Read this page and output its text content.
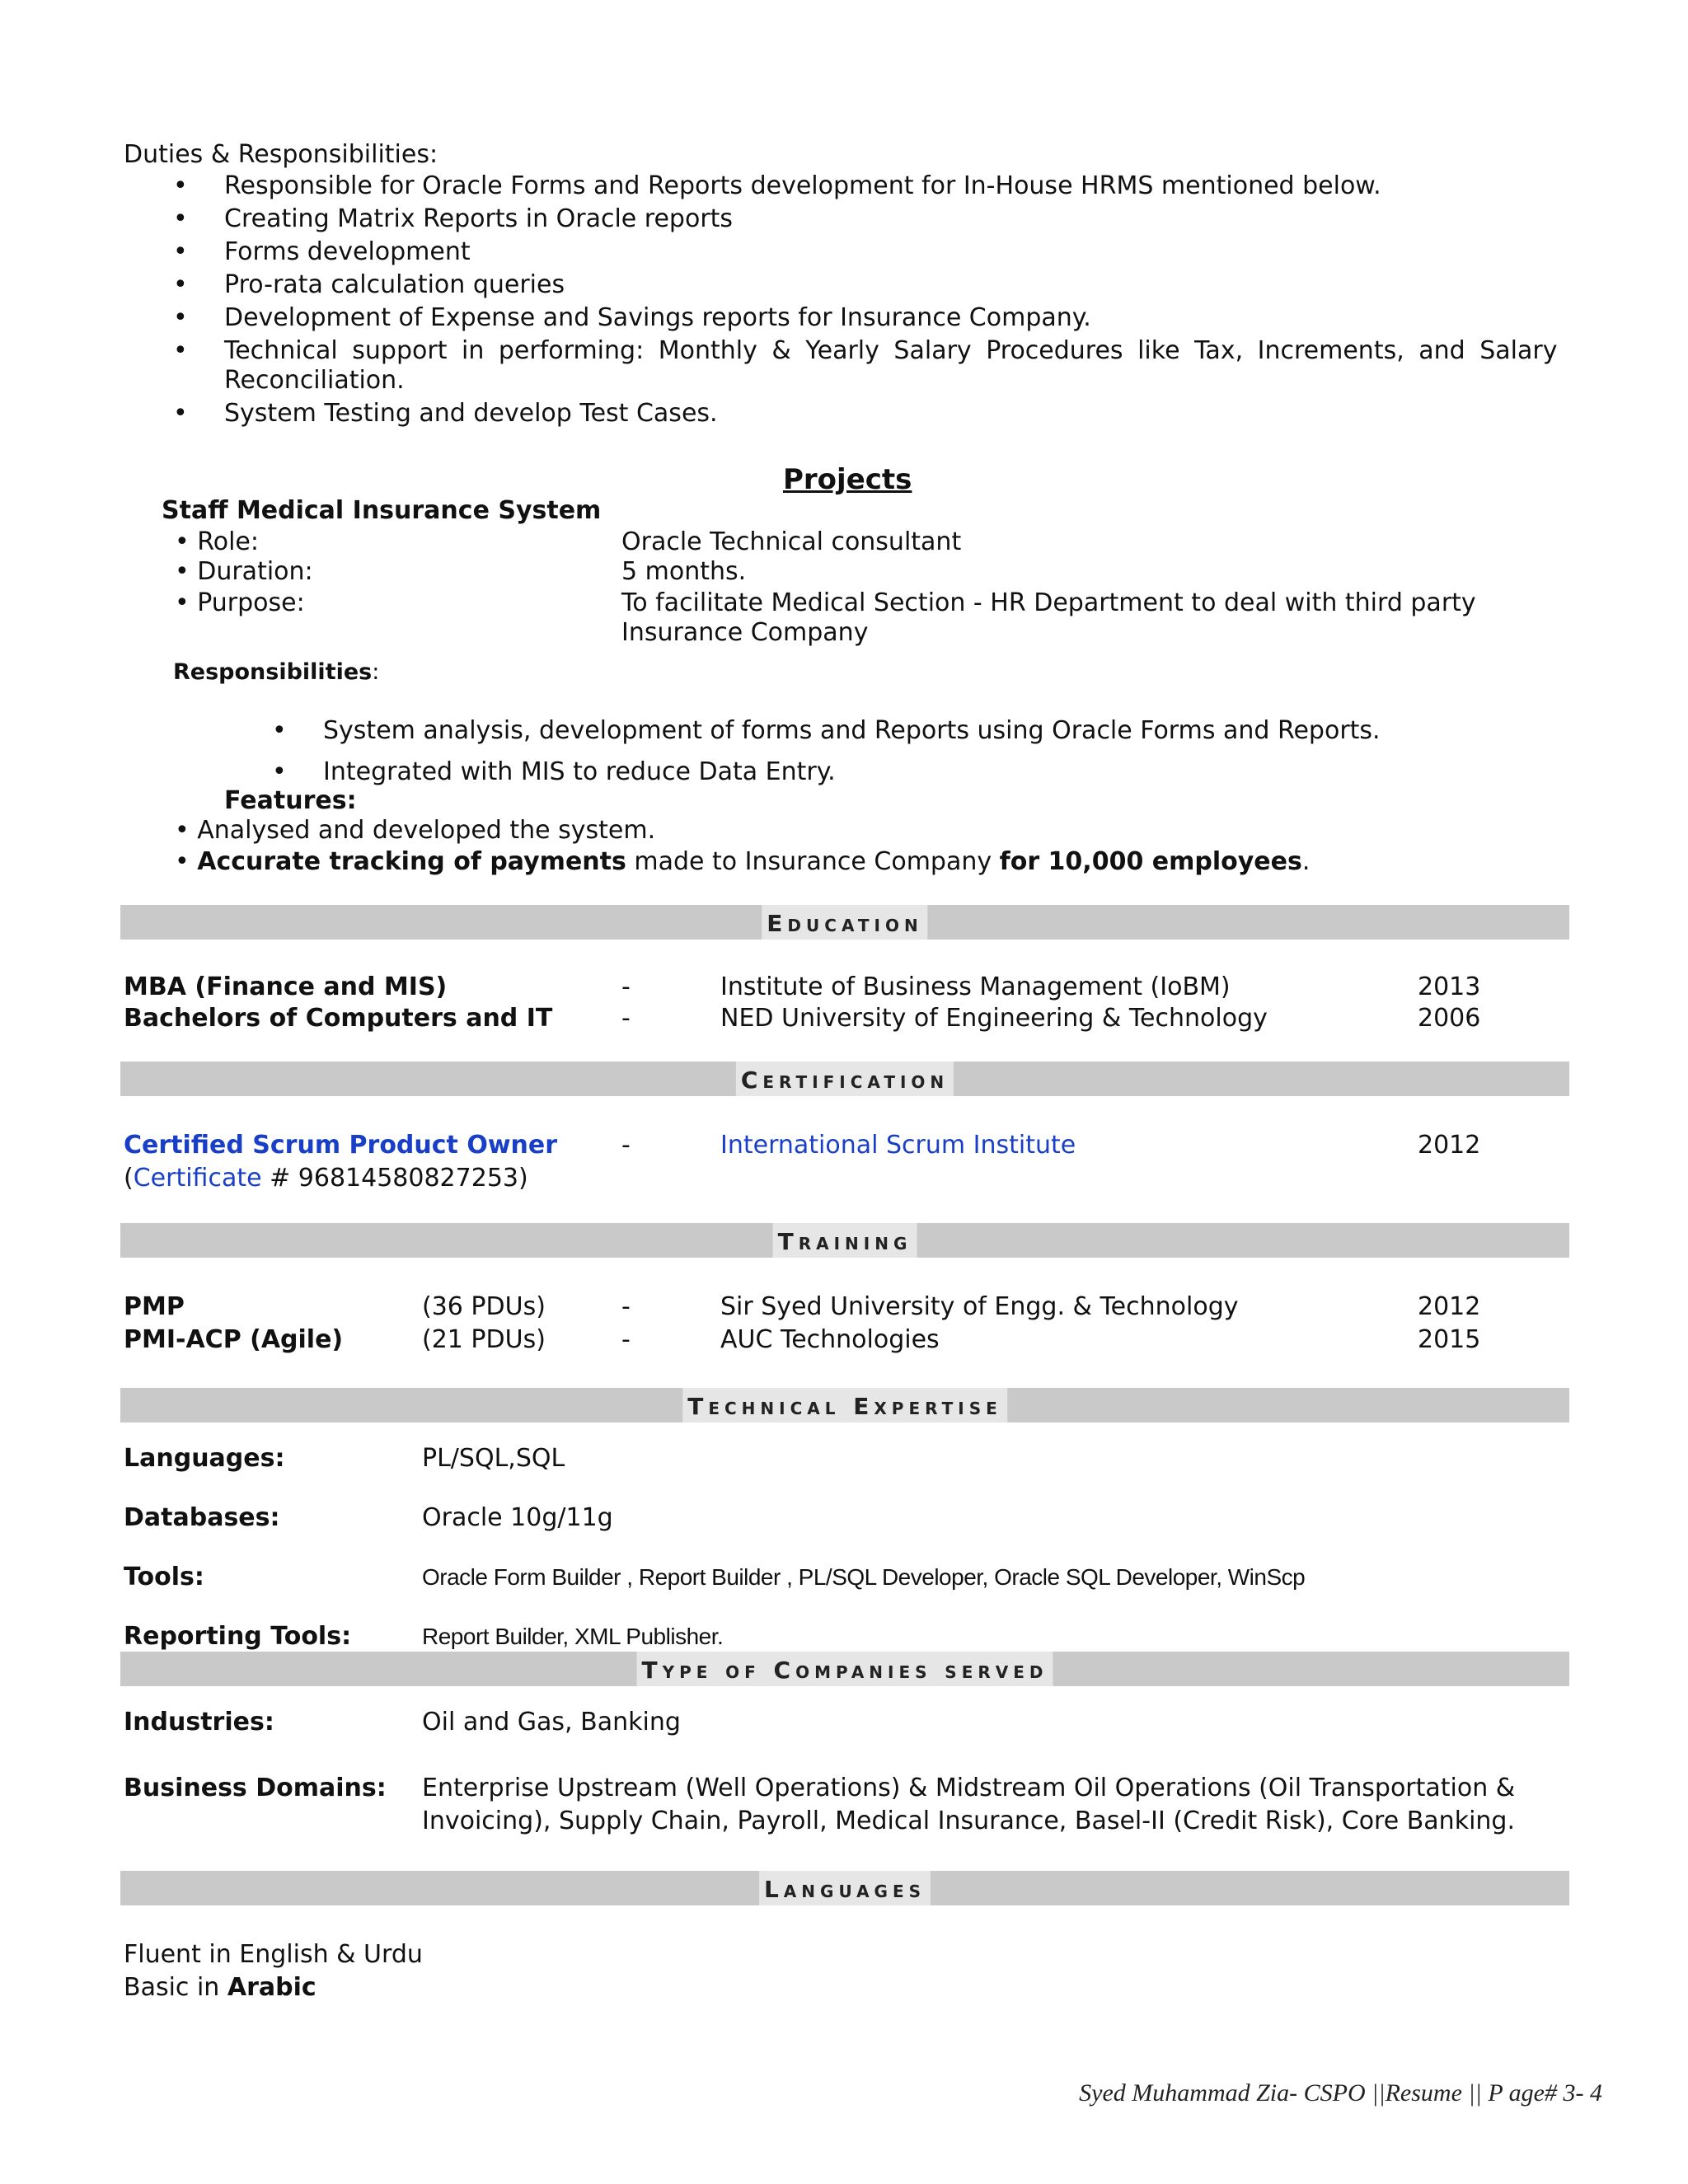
Duties & Responsibilities:
• Responsible for Oracle Forms and Reports development for In-House HRMS mentioned below.
• Creating Matrix Reports in Oracle reports
• Forms development
• Pro-rata calculation queries
• Development of Expense and Savings reports for Insurance Company.
• Technical support in performing: Monthly & Yearly Salary Procedures like Tax, Increments, and Salary
Reconciliation.
• System Testing and develop Test Cases.
Projects
Staff Medical Insurance System
• Role:	Oracle Technical consultant
• Duration:	5 months.
• Purpose:	To facilitate Medical Section - HR Department to deal with third party
Insurance Company
Responsibilities:
• System analysis, development of forms and Reports using Oracle Forms and Reports.
• Integrated with MIS to reduce Data Entry.
Features:
• Analysed and developed the system.
• Accurate tracking of payments made to Insurance Company for 10,000 employees.
Education
MBA (Finance and MIS)	-	Institute of Business Management (IoBM)	2013
Bachelors of Computers and IT	-	NED University of Engineering & Technology	2006
Certification
Certified Scrum Product Owner	-	International Scrum Institute	2012
(Certificate # 96814580827253)
Training
PMP	(36 PDUs)	-	Sir Syed University of Engg. & Technology	2012
PMI-ACP (Agile)	(21 PDUs)	-	AUC Technologies	2015
Technical Expertise
Languages:	PL/SQL,SQL
Databases:	Oracle 10g/11g
Tools:	Oracle Form Builder , Report Builder , PL/SQL Developer, Oracle SQL Developer, WinScp
Reporting Tools:	Report Builder, XML Publisher.
Type of Companies served
Industries:	Oil and Gas, Banking
Business Domains: Enterprise Upstream (Well Operations) & Midstream Oil Operations (Oil Transportation &
Invoicing), Supply Chain, Payroll, Medical Insurance, Basel-II (Credit Risk), Core Banking.
Languages
Fluent in English & Urdu
Basic in Arabic
Syed Muhammad Zia- CSPO ||Resume || P age# 3- 4
